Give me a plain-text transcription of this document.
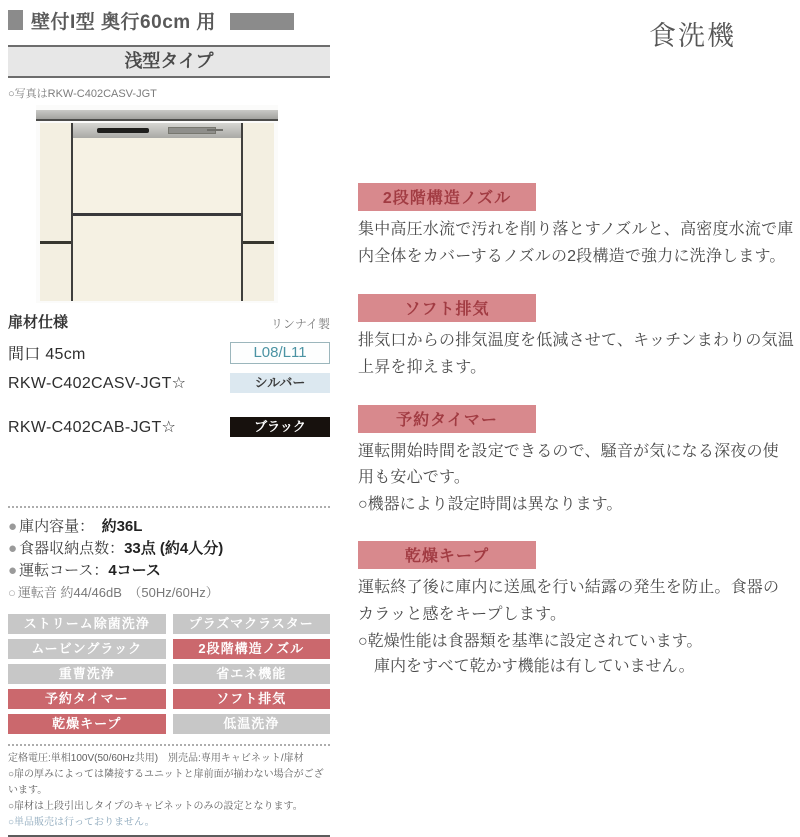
壁付I型 奥行60cm 用
浅型タイプ
○写真はRKW-C402CASV-JGT
扉材仕様	リンナイ製
間口 45cm	L08/L11
RKW-C402CASV-JGT☆	シルバー
RKW-C402CAB-JGT☆	ブラック
● 庫内容量：　約36L
● 食器収納点数：33点 (約4人分)
● 運転コース：4コース
○ 運転音 約44/46dB　（50Hz/60Hz）
ストリーム除菌洗浄	プラズマクラスター
ムービングラック	2段階構造ノズル
重曹洗浄	省エネ機能
予約タイマー	ソフト排気
乾燥キープ	低温洗浄
定格電圧:単相100V(50/60Hz共用)　別売品:専用キャビネット/扉材
○扉の厚みによっては隣接するユニットと扉前面が揃わない場合がございます。
○扉材は上段引出しタイプのキャビネットのみの設定となります。
○単品販売は行っておりません。
食洗機
2段階構造ノズル
集中高圧水流で汚れを削り落とすノズルと、高密度水流で庫内全体をカバーするノズルの2段構造で強力に洗浄します。
ソフト排気
排気口からの排気温度を低減させて、キッチンまわりの気温上昇を抑えます。
予約タイマー
運転開始時間を設定できるので、騒音が気になる深夜の使用も安心です。
○機器により設定時間は異なります。
乾燥キープ
運転終了後に庫内に送風を行い結露の発生を防止。食器のカラッと感をキープします。
○乾燥性能は食器類を基準に設定されています。
庫内をすべて乾かす機能は有していません。
